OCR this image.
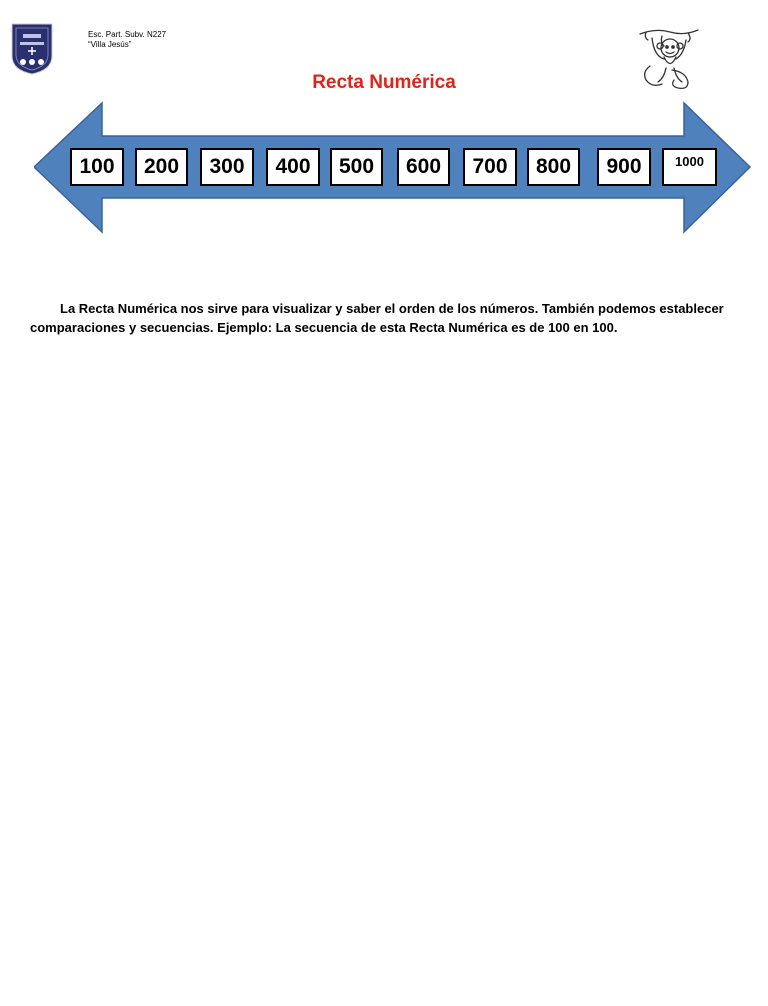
Esc. Part. Subv. N227
“Villa Jesús”
Recta Numérica
100	200	300	400	500	600	700	800	900	1000

La Recta Numérica nos sirve para visualizar y saber el orden de los números. También podemos establecer comparaciones y secuencias. Ejemplo: La secuencia de esta Recta Numérica es de 100 en 100.
